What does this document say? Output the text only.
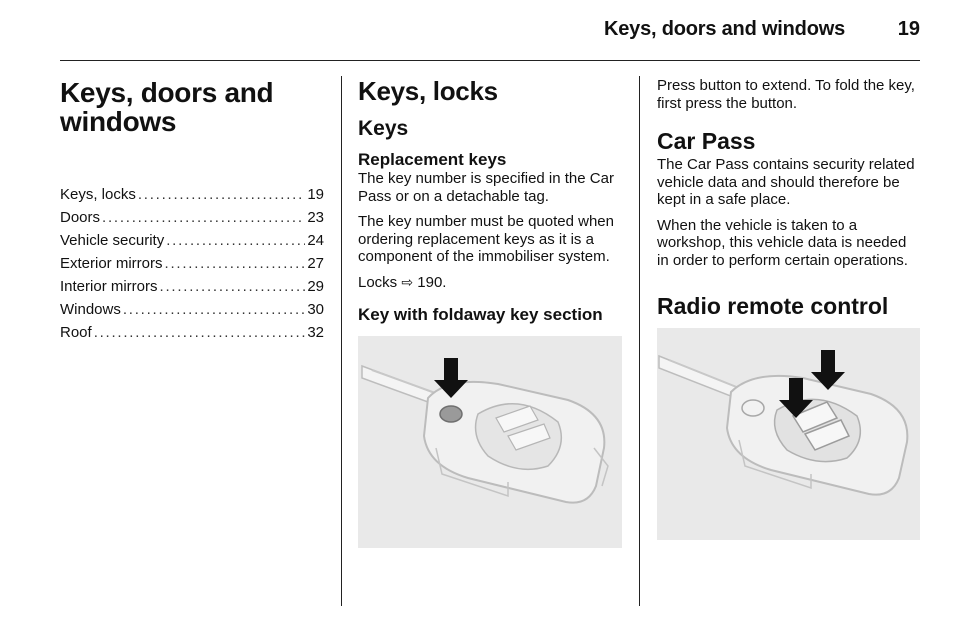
Keys, doors and windows	19
Keys, doors and
windows
Keys, locks . . .	19
Doors . . .	23
Vehicle security . . .	24
Exterior mirrors . . .	27
Interior mirrors . . .	29
Windows . . .	30
Roof . . .	32
Keys, locks
Keys
Replacement keys

The key number is specified in the Car Pass or on a detachable tag.

The key number must be quoted when ordering replacement keys as it is a component of the immobiliser system.

Locks ⇨ 190.

Key with foldaway key section

Press button to extend. To fold the key, first press the button.

Car Pass

The Car Pass contains security related vehicle data and should therefore be kept in a safe place.

When the vehicle is taken to a workshop, this vehicle data is needed in order to perform certain operations.

Radio remote control
